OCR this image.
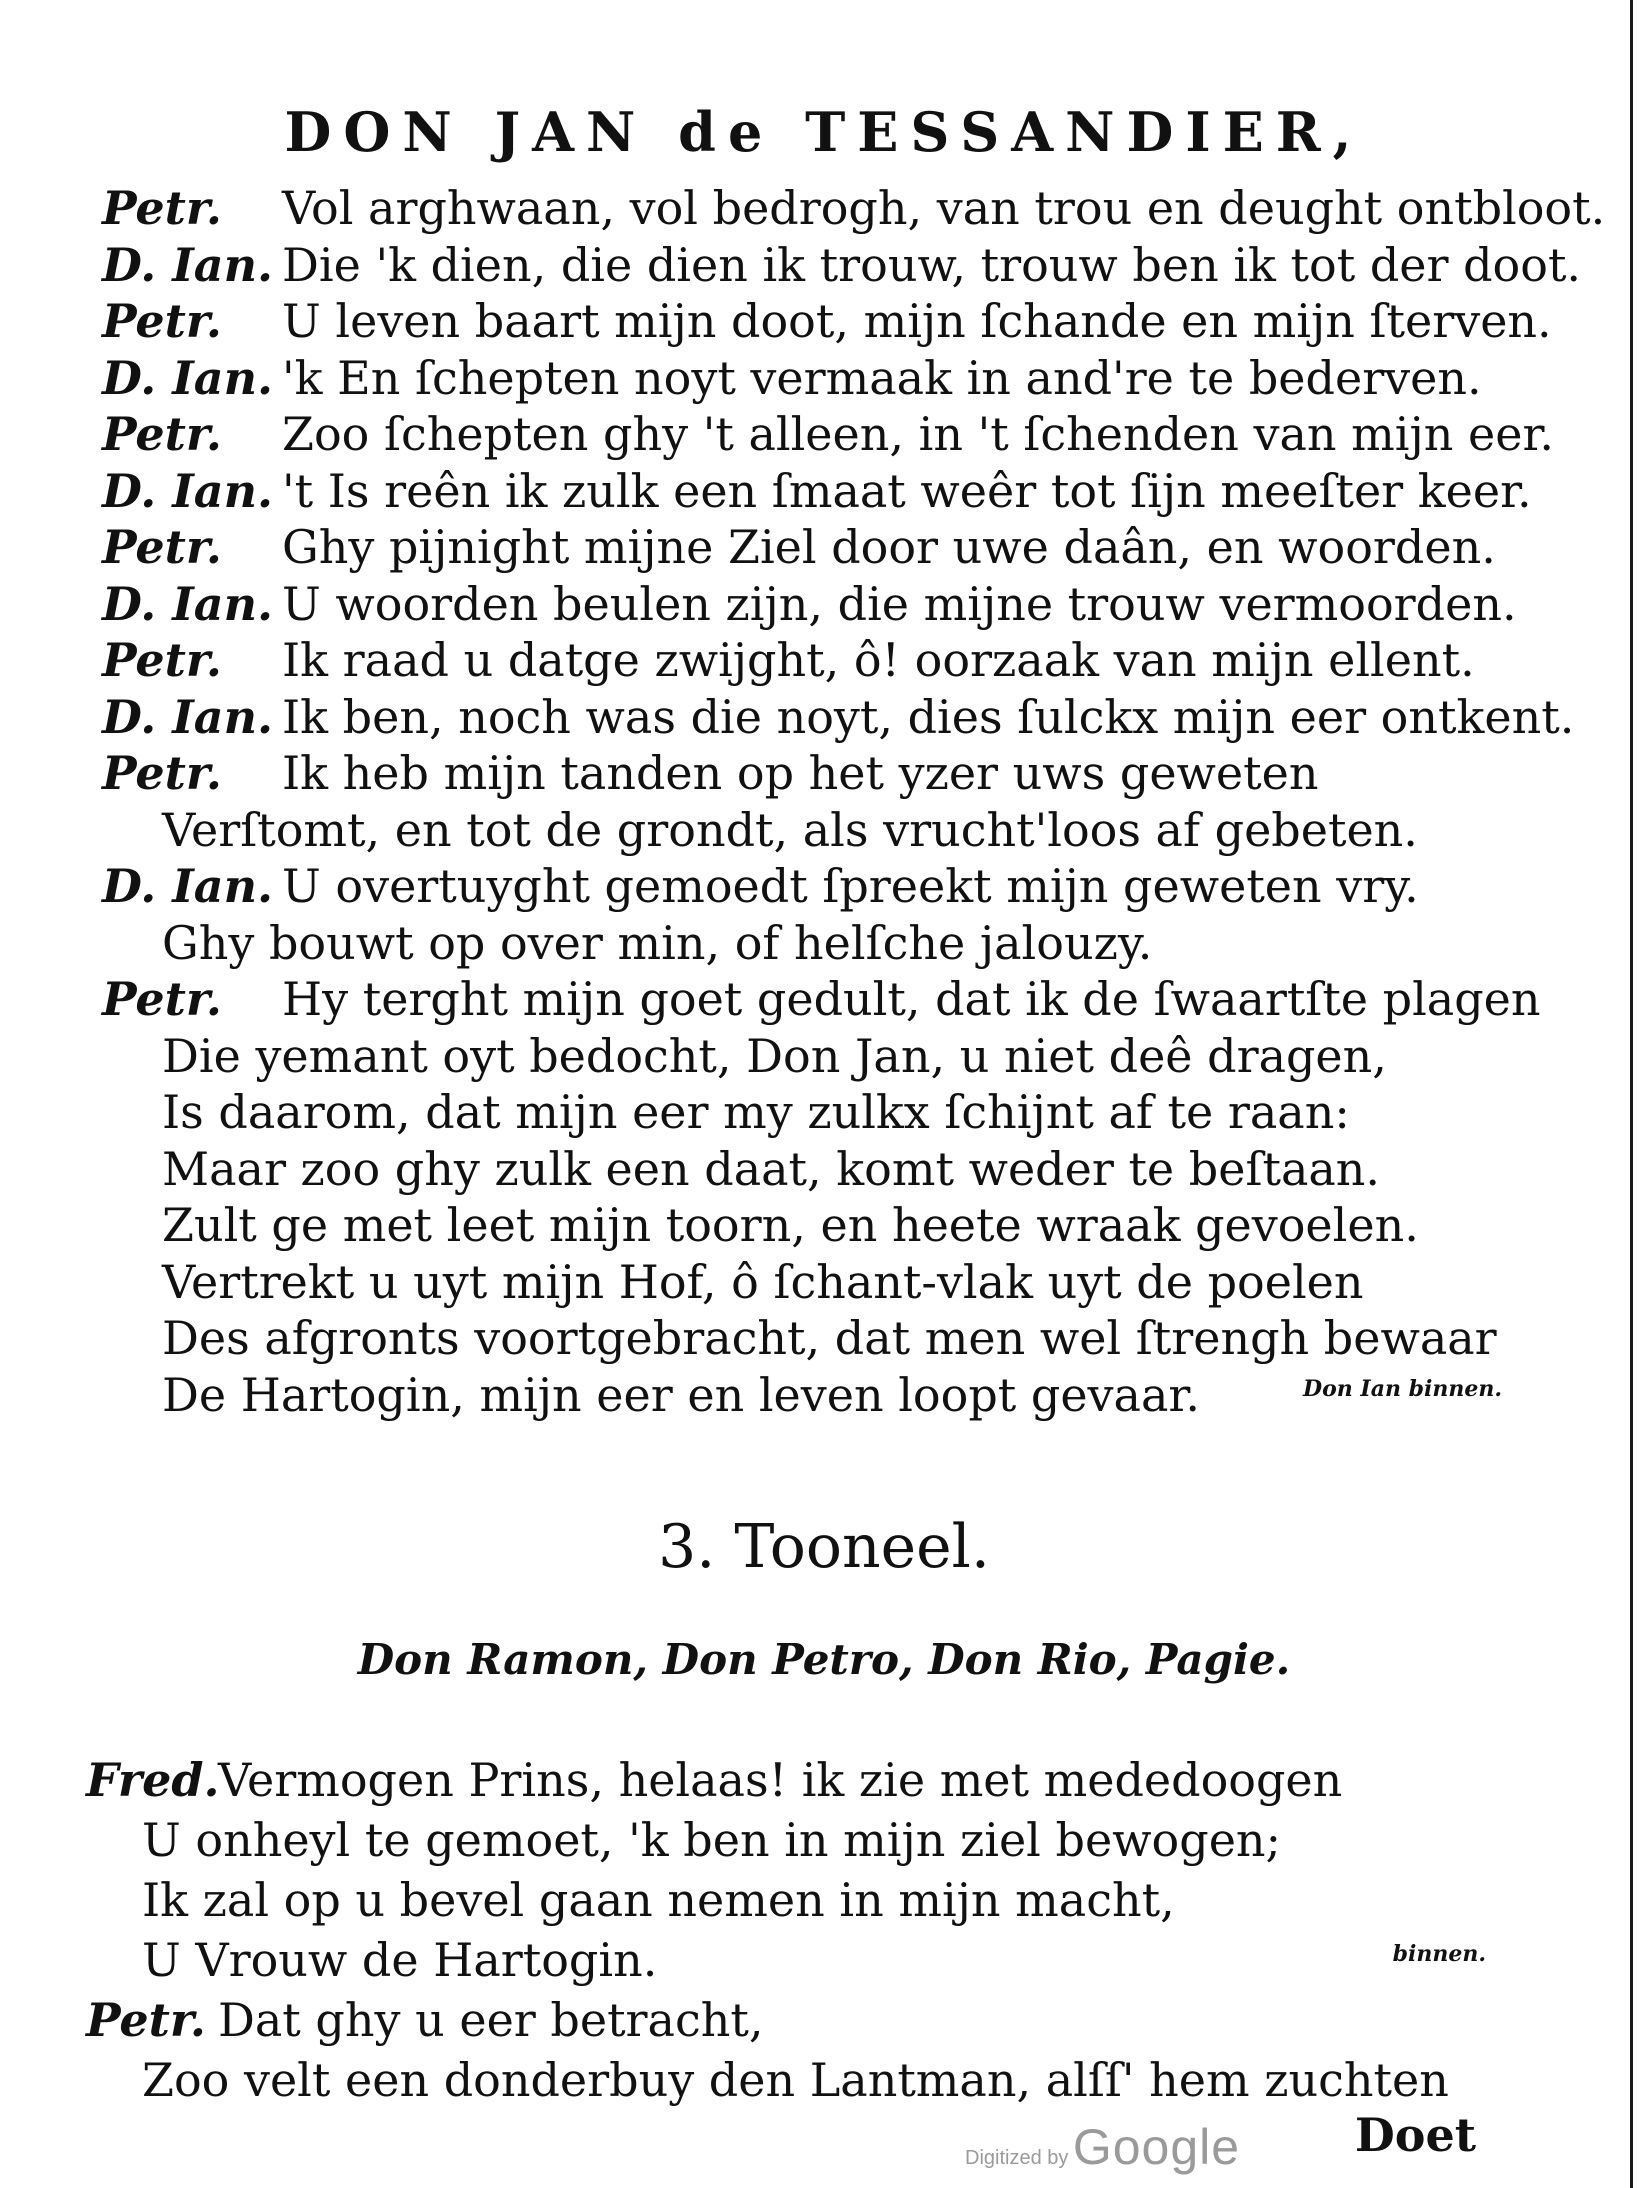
DON JAN de TESSANDIER,
Petr. Vol arghwaan, vol bedrogh, van trou en deught ontbloot.
D. Ian. Die 'k dien, die dien ik trouw, trouw ben ik tot der doot.
Petr. U leven baart mijn doot, mijn ſchande en mijn ſterven.
D. Ian. 'k En ſchepten noyt vermaak in and're te bederven.
Petr. Zoo ſchepten ghy 't alleen, in 't ſchenden van mijn eer.
D. Ian. 't Is reên ik zulk een ſmaat weêr tot ſijn meeſter keer.
Petr. Ghy pijnight mijne Ziel door uwe daân, en woorden.
D. Ian. U woorden beulen zijn, die mijne trouw vermoorden.
Petr. Ik raad u datge zwijght, ô! oorzaak van mijn ellent.
D. Ian. Ik ben, noch was die noyt, dies ſulckx mijn eer ontkent.
Petr. Ik heb mijn tanden op het yzer uws geweten
Verſtomt, en tot de grondt, als vrucht'loos af gebeten.
D. Ian. U overtuyght gemoedt ſpreekt mijn geweten vry.
Ghy bouwt op over min, of helſche jalouzy.
Petr. Hy terght mijn goet gedult, dat ik de ſwaartſte plagen
Die yemant oyt bedocht, Don Jan, u niet deê dragen,
Is daarom, dat mijn eer my zulkx ſchijnt af te raan:
Maar zoo ghy zulk een daat, komt weder te beſtaan.
Zult ge met leet mijn toorn, en heete wraak gevoelen.
Vertrekt u uyt mijn Hof, ô ſchant-vlak uyt de poelen
Des afgronts voortgebracht, dat men wel ſtrengh bewaar
De Hartogin, mijn eer en leven loopt gevaar.	Don Ian binnen.
3. Tooneel.
Don Ramon, Don Petro, Don Rio, Pagie.
Fred.Vermogen Prins, helaas! ik zie met mededoogen
U onheyl te gemoet, 'k ben in mijn ziel bewogen;
Ik zal op u bevel gaan nemen in mijn macht,
U Vrouw de Hartogin.	binnen.
Petr. Dat ghy u eer betracht,
Zoo velt een donderbuy den Lantman, alſſ' hem zuchten
Digitized by Google Doet
